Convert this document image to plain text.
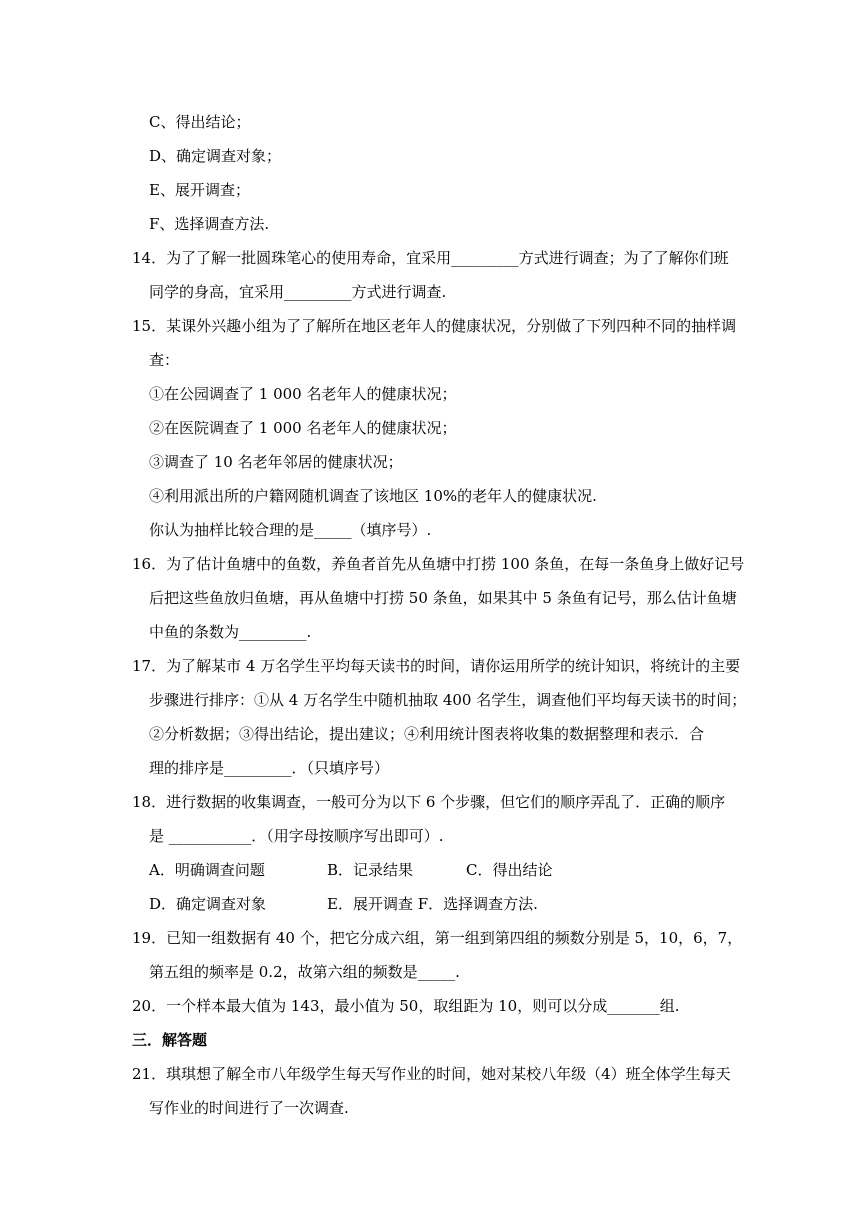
C、得出结论；
D、确定调查对象；
E、展开调查；
F、选择调查方法.
14．为了了解一批圆珠笔心的使用寿命，宜采用_________方式进行调查；为了了解你们班
同学的身高，宜采用_________方式进行调查.
15．某课外兴趣小组为了了解所在地区老年人的健康状况，分别做了下列四种不同的抽样调
查：
①在公园调查了 1 000 名老年人的健康状况；
②在医院调查了 1 000 名老年人的健康状况；
③调查了 10 名老年邻居的健康状况；
④利用派出所的户籍网随机调查了该地区 10%的老年人的健康状况.
你认为抽样比较合理的是_____（填序号）.
16．为了估计鱼塘中的鱼数，养鱼者首先从鱼塘中打捞 100 条鱼，在每一条鱼身上做好记号
后把这些鱼放归鱼塘，再从鱼塘中打捞 50 条鱼，如果其中 5 条鱼有记号，那么估计鱼塘
中鱼的条数为_________.
17．为了解某市 4 万名学生平均每天读书的时间，请你运用所学的统计知识，将统计的主要
步骤进行排序：①从 4 万名学生中随机抽取 400 名学生，调查他们平均每天读书的时间；
②分析数据；③得出结论，提出建议；④利用统计图表将收集的数据整理和表示．合
理的排序是_________．（只填序号）
18．进行数据的收集调查，一般可分为以下 6 个步骤，但它们的顺序弄乱了．正确的顺序
是 ___________．（用字母按顺序写出即可）.
A．明确调查问题	B．记录结果	C．得出结论
D．确定调查对象	E．展开调查 F．选择调查方法.
19．已知一组数据有 40 个，把它分成六组，第一组到第四组的频数分别是 5，10，6，7，
第五组的频率是 0.2，故第六组的频数是_____.
20．一个样本最大值为 143，最小值为 50，取组距为 10，则可以分成_______组.
三．解答题
21．琪琪想了解全市八年级学生每天写作业的时间，她对某校八年级（4）班全体学生每天
写作业的时间进行了一次调查.
